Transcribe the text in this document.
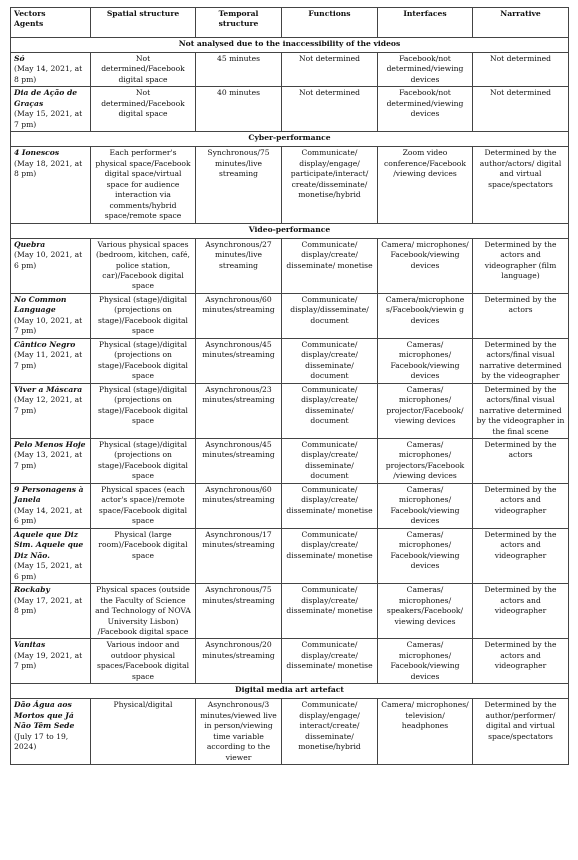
Vectors
Agents	Spatial structure	Temporal structure	Functions	Interfaces	Narrative
Not analysed due to the inaccessibility of the videos					

Só
(May 14, 2021, at 8 pm)	Not determined/Facebook digital space	45 minutes	Not determined	Facebook/not determined/viewing devices	Not determined

Dia de Ação de Graças
(May 15, 2021, at 7 pm)	Not determined/Facebook digital space	40 minutes	Not determined	Facebook/not determined/viewing devices	Not determined
Cyber-performance					

4 Ionescos
(May 18, 2021, at 8 pm)	Each performer's physical space/Facebook digital space/virtual space for audience interaction via comments/hybrid space/remote space	Synchronous/75 minutes/live streaming	Communicate/ display/engage/ participate/interact/ create/disseminate/ monetise/hybrid	Zoom video conference/Facebook /viewing devices	Determined by the author/actors/ digital and virtual space/spectators
Video-performance					

Quebra
(May 10, 2021, at 6 pm)	Various physical spaces (bedroom, kitchen, café, police station, car)/Facebook digital space	Asynchronous/27 minutes/live streaming	Communicate/ display/create/ disseminate/ monetise	Camera/ microphones/ Facebook/viewing devices	Determined by the actors and videographer (film language)

No Common Language
(May 10, 2021, at 7 pm)	Physical (stage)/digital (projections on stage)/Facebook digital space	Asynchronous/60 minutes/streaming	Communicate/ display/disseminate/ document	Camera/microphone s/Facebook/viewin g devices	Determined by the actors

Cântico Negro
(May 11, 2021, at 7 pm)	Physical (stage)/digital (projections on stage)/Facebook digital space	Asynchronous/45 minutes/streaming	Communicate/ display/create/ disseminate/ document	Cameras/ microphones/ Facebook/viewing devices	Determined by the actors/final visual narrative determined by the videographer

Viver a Máscara
(May 12, 2021, at 7 pm)	Physical (stage)/digital (projections on stage)/Facebook digital space	Asynchronous/23 minutes/streaming	Communicate/ display/create/ disseminate/ document	Cameras/ microphones/ projector/Facebook/ viewing devices	Determined by the actors/final visual narrative determined by the videographer in the final scene

Pelo Menos Hoje
(May 13, 2021, at 7 pm)	Physical (stage)/digital (projections on stage)/Facebook digital space	Asynchronous/45 minutes/streaming	Communicate/ display/create/ disseminate/ document	Cameras/ microphones/ projectors/Facebook /viewing devices	Determined by the actors

9 Personagens à Janela
(May 14, 2021, at 6 pm)	Physical spaces (each actor's space)/remote space/Facebook digital space	Asynchronous/60 minutes/streaming	Communicate/ display/create/ disseminate/ monetise	Cameras/ microphones/ Facebook/viewing devices	Determined by the actors and videographer

Aquele que Diz Sim. Aquele que Diz Não.
(May 15, 2021, at 6 pm)	Physical (large room)/Facebook digital space	Asynchronous/17 minutes/streaming	Communicate/ display/create/ disseminate/ monetise	Cameras/ microphones/ Facebook/viewing devices	Determined by the actors and videographer

Rockaby
(May 17, 2021, at 8 pm)	Physical spaces (outside the Faculty of Science and Technology of NOVA University Lisbon) /Facebook digital space	Asynchronous/75 minutes/streaming	Communicate/ display/create/ disseminate/ monetise	Cameras/ microphones/ speakers/Facebook/ viewing devices	Determined by the actors and videographer

Vanitas
(May 19, 2021, at 7 pm)	Various indoor and outdoor physical spaces/Facebook digital space	Asynchronous/20 minutes/streaming	Communicate/ display/create/ disseminate/ monetise	Cameras/ microphones/ Facebook/viewing devices	Determined by the actors and videographer
Digital media art artefact					

Dão Água aos Mortos que Já Não Têm Sede
(July 17 to 19, 2024)	Physical/digital	Asynchronous/3 minutes/viewed live in person/viewing time variable according to the viewer	Communicate/ display/engage/ interact/create/ disseminate/ monetise/hybrid	Camera/ microphones/ television/ headphones	Determined by the author/performer/ digital and virtual space/spectators
